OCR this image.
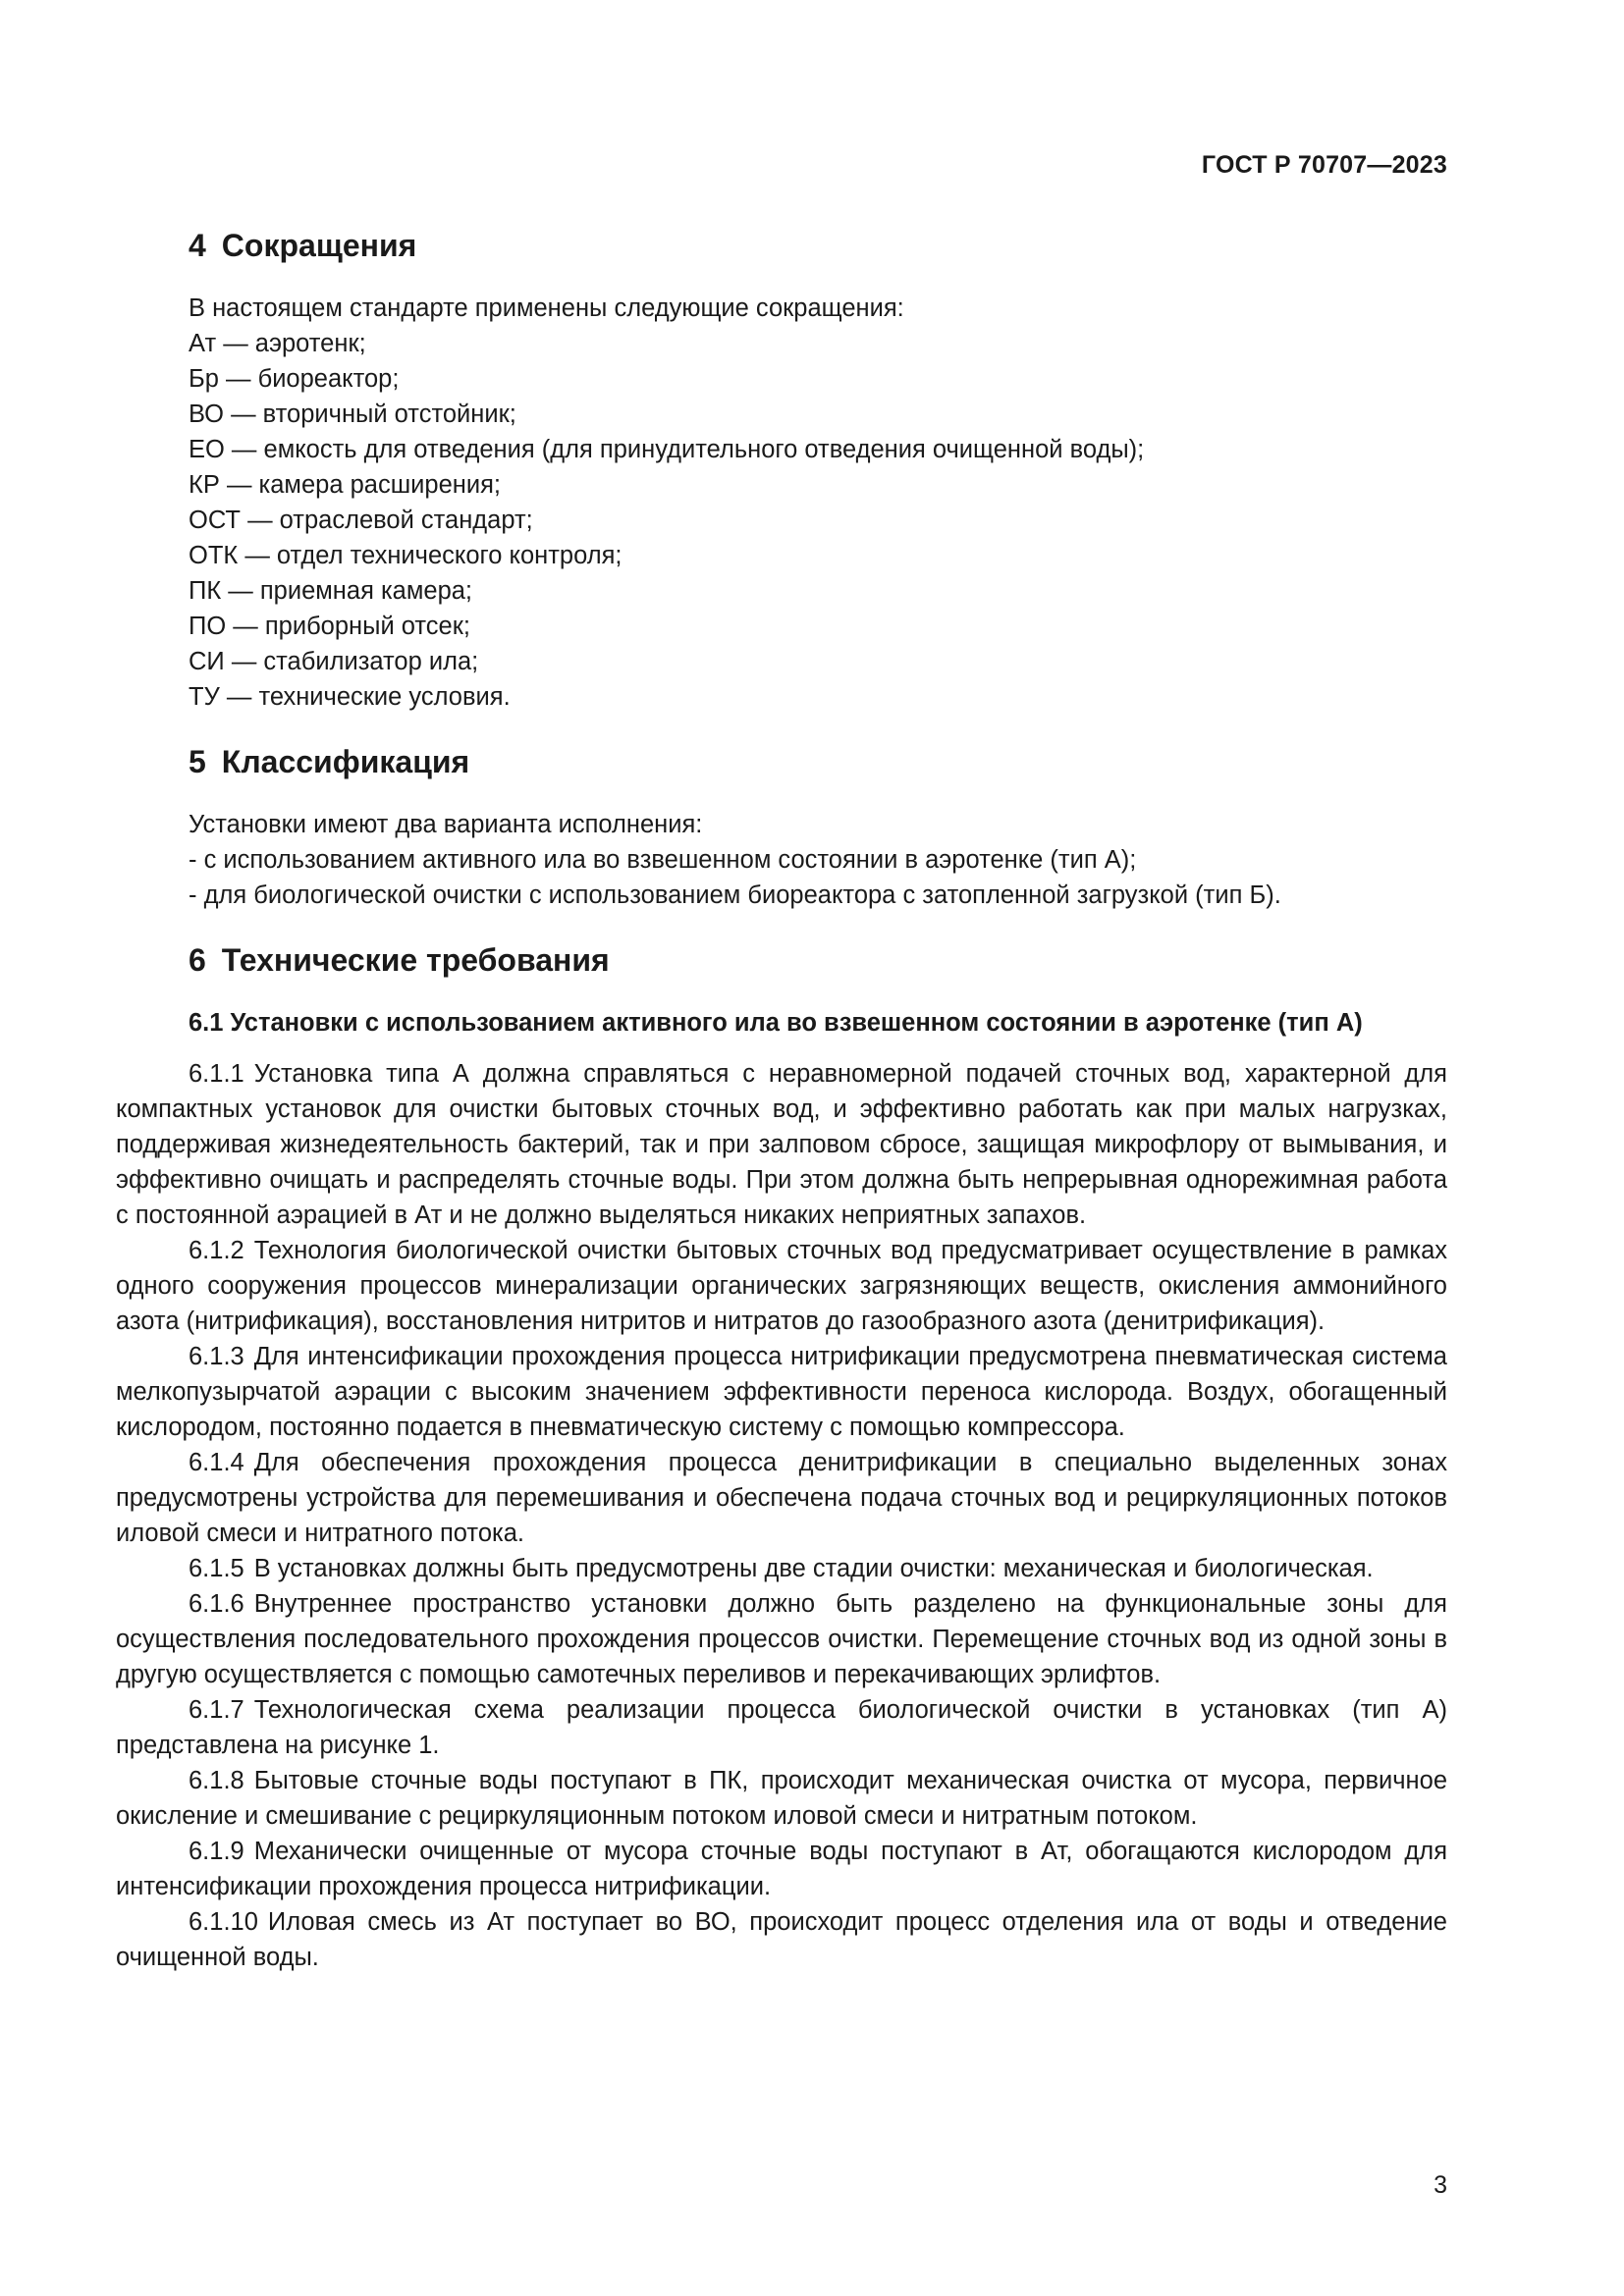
ГОСТ Р 70707—2023
4 Сокращения
В настоящем стандарте применены следующие сокращения:
Ат — аэротенк;
Бр — биореактор;
ВО — вторичный отстойник;
ЕО — емкость для отведения (для принудительного отведения очищенной воды);
КР — камера расширения;
ОСТ — отраслевой стандарт;
ОТК — отдел технического контроля;
ПК — приемная камера;
ПО — приборный отсек;
СИ — стабилизатор ила;
ТУ — технические условия.
5 Классификация
Установки имеют два варианта исполнения:
- с использованием активного ила во взвешенном состоянии в аэротенке (тип А);
- для биологической очистки с использованием биореактора с затопленной загрузкой (тип Б).
6 Технические требования
6.1 Установки с использованием активного ила во взвешенном состоянии в аэротенке (тип А)

6.1.1 Установка типа А должна справляться с неравномерной подачей сточных вод, характерной для компактных установок для очистки бытовых сточных вод, и эффективно работать как при малых нагрузках, поддерживая жизнедеятельность бактерий, так и при залповом сбросе, защищая микрофлору от вымывания, и эффективно очищать и распределять сточные воды. При этом должна быть непрерывная однорежимная работа с постоянной аэрацией в Ат и не должно выделяться никаких неприятных запахов.

6.1.2 Технология биологической очистки бытовых сточных вод предусматривает осуществление в рамках одного сооружения процессов минерализации органических загрязняющих веществ, окисления аммонийного азота (нитрификация), восстановления нитритов и нитратов до газообразного азота (денитрификация).

6.1.3 Для интенсификации прохождения процесса нитрификации предусмотрена пневматическая система мелкопузырчатой аэрации с высоким значением эффективности переноса кислорода. Воздух, обогащенный кислородом, постоянно подается в пневматическую систему с помощью компрессора.

6.1.4 Для обеспечения прохождения процесса денитрификации в специально выделенных зонах предусмотрены устройства для перемешивания и обеспечена подача сточных вод и рециркуляционных потоков иловой смеси и нитратного потока.

6.1.5 В установках должны быть предусмотрены две стадии очистки: механическая и биологическая.

6.1.6 Внутреннее пространство установки должно быть разделено на функциональные зоны для осуществления последовательного прохождения процессов очистки. Перемещение сточных вод из одной зоны в другую осуществляется с помощью самотечных переливов и перекачивающих эрлифтов.

6.1.7 Технологическая схема реализации процесса биологической очистки в установках (тип А) представлена на рисунке 1.

6.1.8 Бытовые сточные воды поступают в ПК, происходит механическая очистка от мусора, первичное окисление и смешивание с рециркуляционным потоком иловой смеси и нитратным потоком.

6.1.9 Механически очищенные от мусора сточные воды поступают в Ат, обогащаются кислородом для интенсификации прохождения процесса нитрификации.

6.1.10 Иловая смесь из Ат поступает во ВО, происходит процесс отделения ила от воды и отведение очищенной воды.

3
